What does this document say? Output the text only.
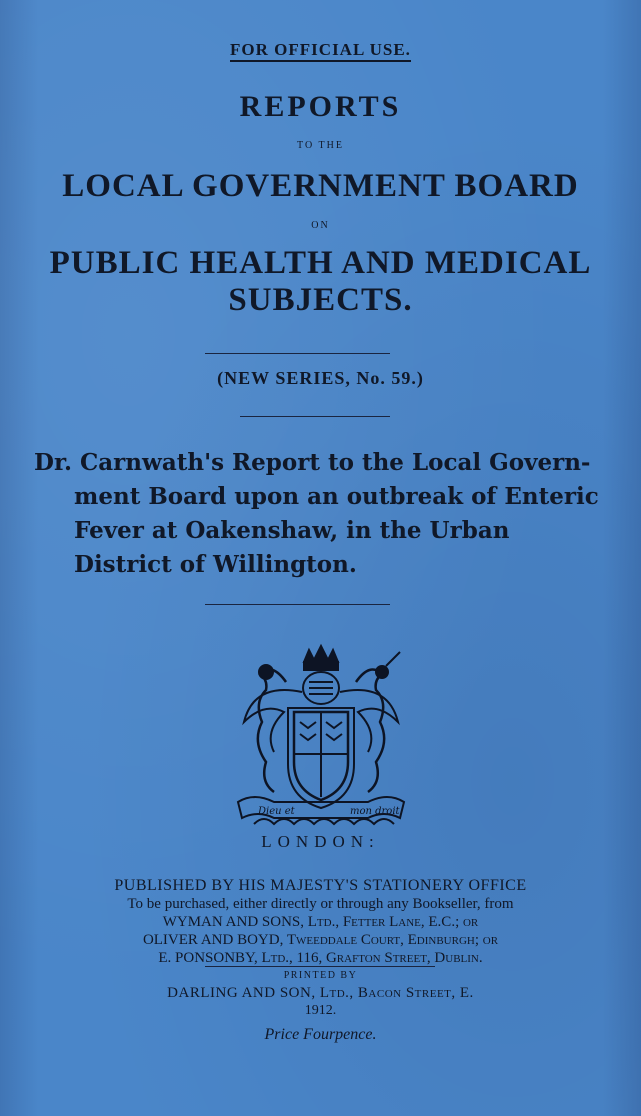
FOR OFFICIAL USE.
REPORTS
TO THE
LOCAL GOVERNMENT BOARD
ON
PUBLIC HEALTH AND MEDICAL
SUBJECTS.
(NEW SERIES, No. 59.)
Dr. Carnwath's Report to the Local Govern-ment Board upon an outbreak of Enteric Fever at Oakenshaw, in the Urban District of Willington.
Dieu et	mon droit
LONDON:
PUBLISHED BY HIS MAJESTY'S STATIONERY OFFICE
To be purchased, either directly or through any Bookseller, from
WYMAN AND SONS, Ltd., Fetter Lane, E.C.; or
OLIVER AND BOYD, Tweeddale Court, Edinburgh; or
E. PONSONBY, Ltd., 116, Grafton Street, Dublin.
PRINTED BY
DARLING AND SON, Ltd., Bacon Street, E.
1912.
Price Fourpence.
